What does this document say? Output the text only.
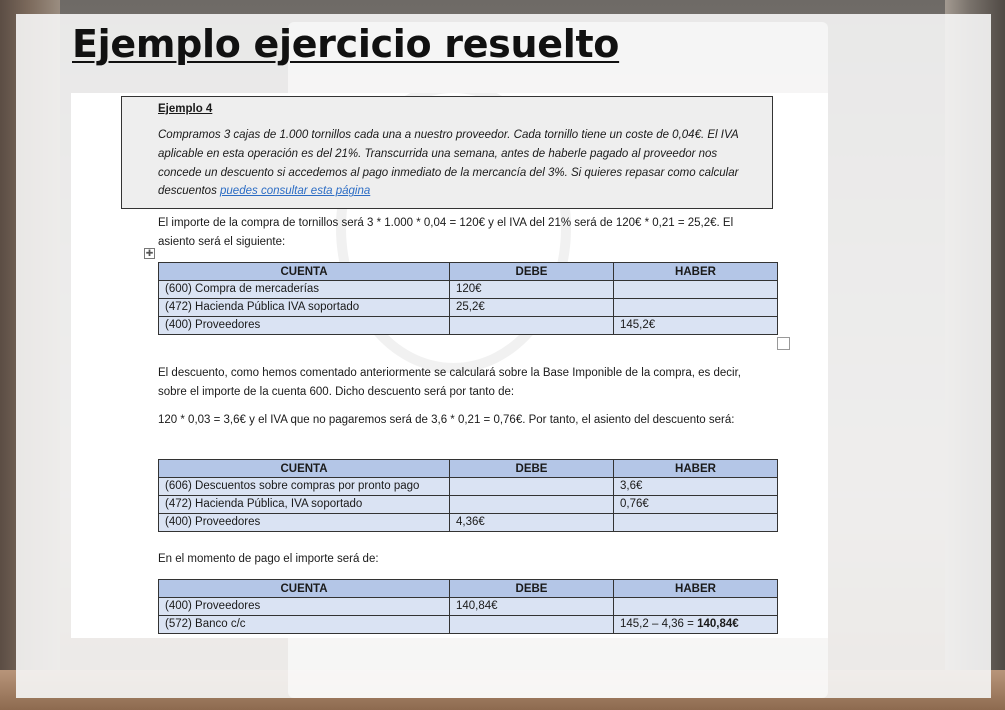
Ejemplo ejercicio resuelto

Ejemplo 4

Compramos 3 cajas de 1.000 tornillos cada una a nuestro proveedor. Cada tornillo tiene un coste de 0,04€. El IVA aplicable en esta operación es del 21%. Transcurrida una semana, antes de haberle pagado al proveedor nos concede un descuento si accedemos al pago inmediato de la mercancía del 3%. Si quieres repasar como calcular descuentos puedes consultar esta página

El importe de la compra de tornillos será 3 * 1.000 * 0,04 = 120€ y el IVA del 21% será de 120€ * 0,21 = 25,2€. El asiento será el siguiente:

✚
CUENTA	DEBE	HABER
(600) Compra de mercaderías	120€	
(472) Hacienda Pública IVA soportado	25,2€	
(400) Proveedores		145,2€

El descuento, como hemos comentado anteriormente se calculará sobre la Base Imponible de la compra, es decir, sobre el importe de la cuenta 600. Dicho descuento será por tanto de:

120 * 0,03 = 3,6€ y el IVA que no pagaremos será de 3,6 * 0,21 = 0,76€. Por tanto, el asiento del descuento será:

CUENTA	DEBE	HABER
(606) Descuentos sobre compras por pronto pago		3,6€
(472) Hacienda Pública, IVA soportado		0,76€
(400) Proveedores	4,36€	

En el momento de pago el importe será de:

CUENTA	DEBE	HABER
(400) Proveedores	140,84€	
(572) Banco c/c		145,2 – 4,36 = 140,84€
